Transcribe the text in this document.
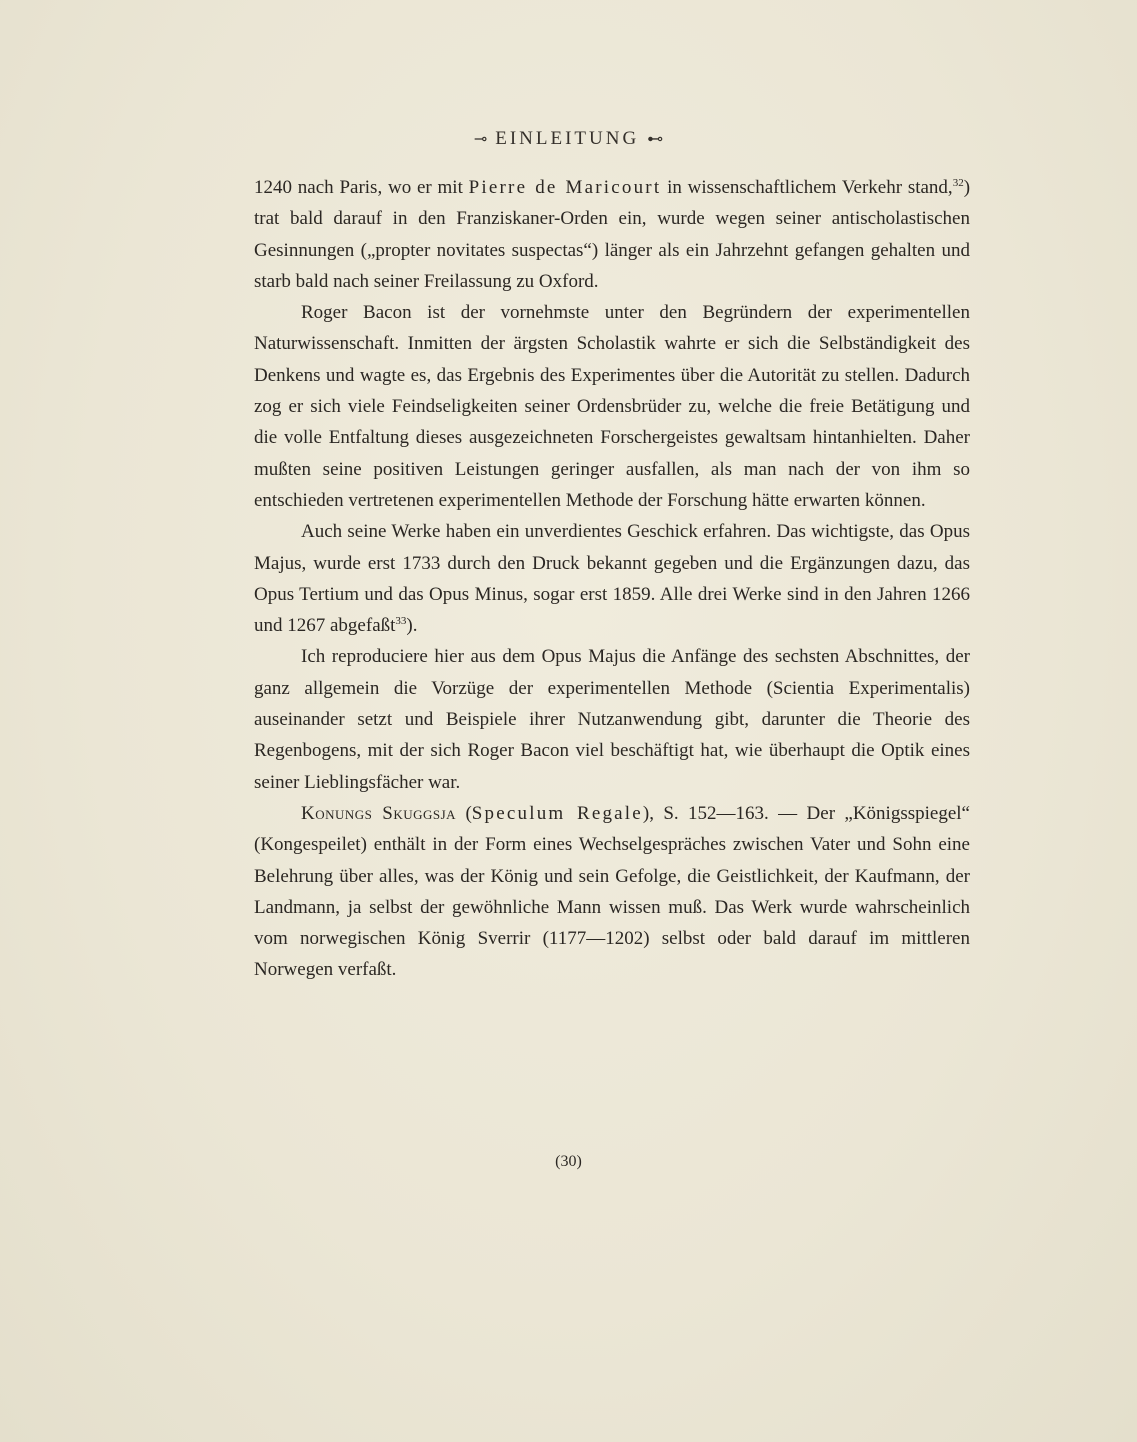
⊸ EINLEITUNG ⊷

1240 nach Paris, wo er mit Pierre de Maricourt in wissenschaftlichem Verkehr stand,$^{32}$) trat bald darauf in den Franziskaner-Orden ein, wurde wegen seiner antischolastischen Gesinnungen („propter novitates suspectas“) länger als ein Jahrzehnt gefangen gehalten und starb bald nach seiner Freilassung zu Oxford.

Roger Bacon ist der vornehmste unter den Begründern der experimentellen Naturwissenschaft. Inmitten der ärgsten Scholastik wahrte er sich die Selbständigkeit des Denkens und wagte es, das Ergebnis des Experimentes über die Autorität zu stellen. Dadurch zog er sich viele Feindseligkeiten seiner Ordensbrüder zu, welche die freie Betätigung und die volle Entfaltung dieses ausgezeichneten Forschergeistes gewaltsam hintanhielten. Daher mußten seine positiven Leistungen geringer ausfallen, als man nach der von ihm so entschieden vertretenen experimentellen Methode der Forschung hätte erwarten können.

Auch seine Werke haben ein unverdientes Geschick erfahren. Das wichtigste, das Opus Majus, wurde erst 1733 durch den Druck bekannt gegeben und die Ergänzungen dazu, das Opus Tertium und das Opus Minus, sogar erst 1859. Alle drei Werke sind in den Jahren 1266 und 1267 abgefaßt$^{33}$).

Ich reproduciere hier aus dem Opus Majus die Anfänge des sechsten Abschnittes, der ganz allgemein die Vorzüge der experimentellen Methode (Scientia Experimentalis) auseinander setzt und Beispiele ihrer Nutzanwendung gibt, darunter die Theorie des Regenbogens, mit der sich Roger Bacon viel beschäftigt hat, wie überhaupt die Optik eines seiner Lieblingsfächer war.

Konungs Skuggsja (Speculum Regale), S. 152—163. — Der „Königsspiegel“ (Kongespeilet) enthält in der Form eines Wechselgespräches zwischen Vater und Sohn eine Belehrung über alles, was der König und sein Gefolge, die Geistlichkeit, der Kaufmann, der Landmann, ja selbst der gewöhnliche Mann wissen muß. Das Werk wurde wahrscheinlich vom norwegischen König Sverrir (1177—1202) selbst oder bald darauf im mittleren Norwegen verfaßt.

(30)
